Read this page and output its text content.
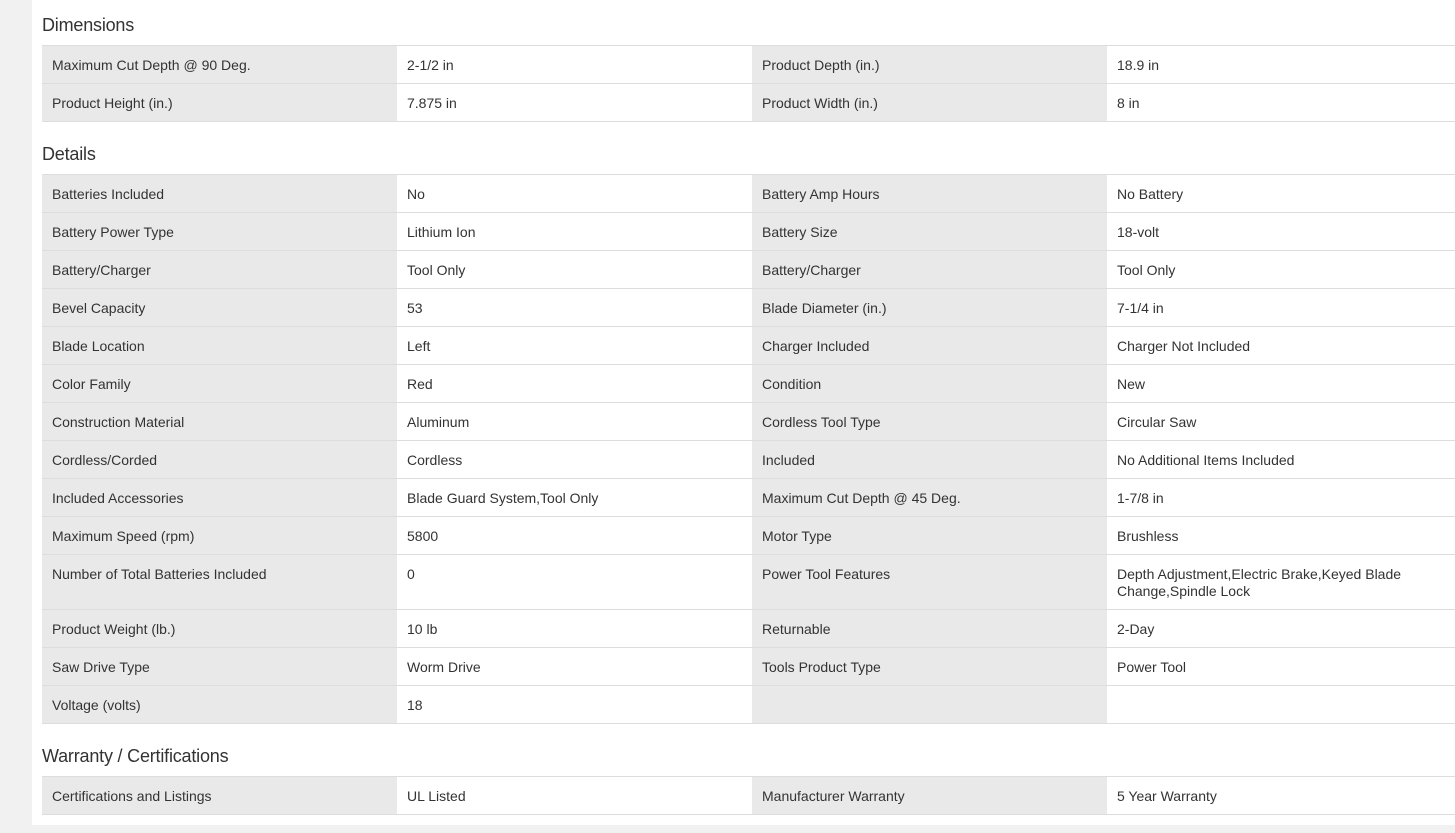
Dimensions
Maximum Cut Depth @ 90 Deg.	2-1/2 in	Product Depth (in.)	18.9 in
Product Height (in.)	7.875 in	Product Width (in.)	8 in
Details
Batteries Included	No	Battery Amp Hours	No Battery
Battery Power Type	Lithium Ion	Battery Size	18-volt
Battery/Charger	Tool Only	Battery/Charger	Tool Only
Bevel Capacity	53	Blade Diameter (in.)	7-1/4 in
Blade Location	Left	Charger Included	Charger Not Included
Color Family	Red	Condition	New
Construction Material	Aluminum	Cordless Tool Type	Circular Saw
Cordless/Corded	Cordless	Included	No Additional Items Included
Included Accessories	Blade Guard System,Tool Only	Maximum Cut Depth @ 45 Deg.	1-7/8 in
Maximum Speed (rpm)	5800	Motor Type	Brushless
Number of Total Batteries Included	0	Power Tool Features	Depth Adjustment,Electric Brake,Keyed Blade Change,Spindle Lock
Product Weight (lb.)	10 lb	Returnable	2-Day
Saw Drive Type	Worm Drive	Tools Product Type	Power Tool
Voltage (volts)	18
Warranty / Certifications
Certifications and Listings	UL Listed	Manufacturer Warranty	5 Year Warranty
